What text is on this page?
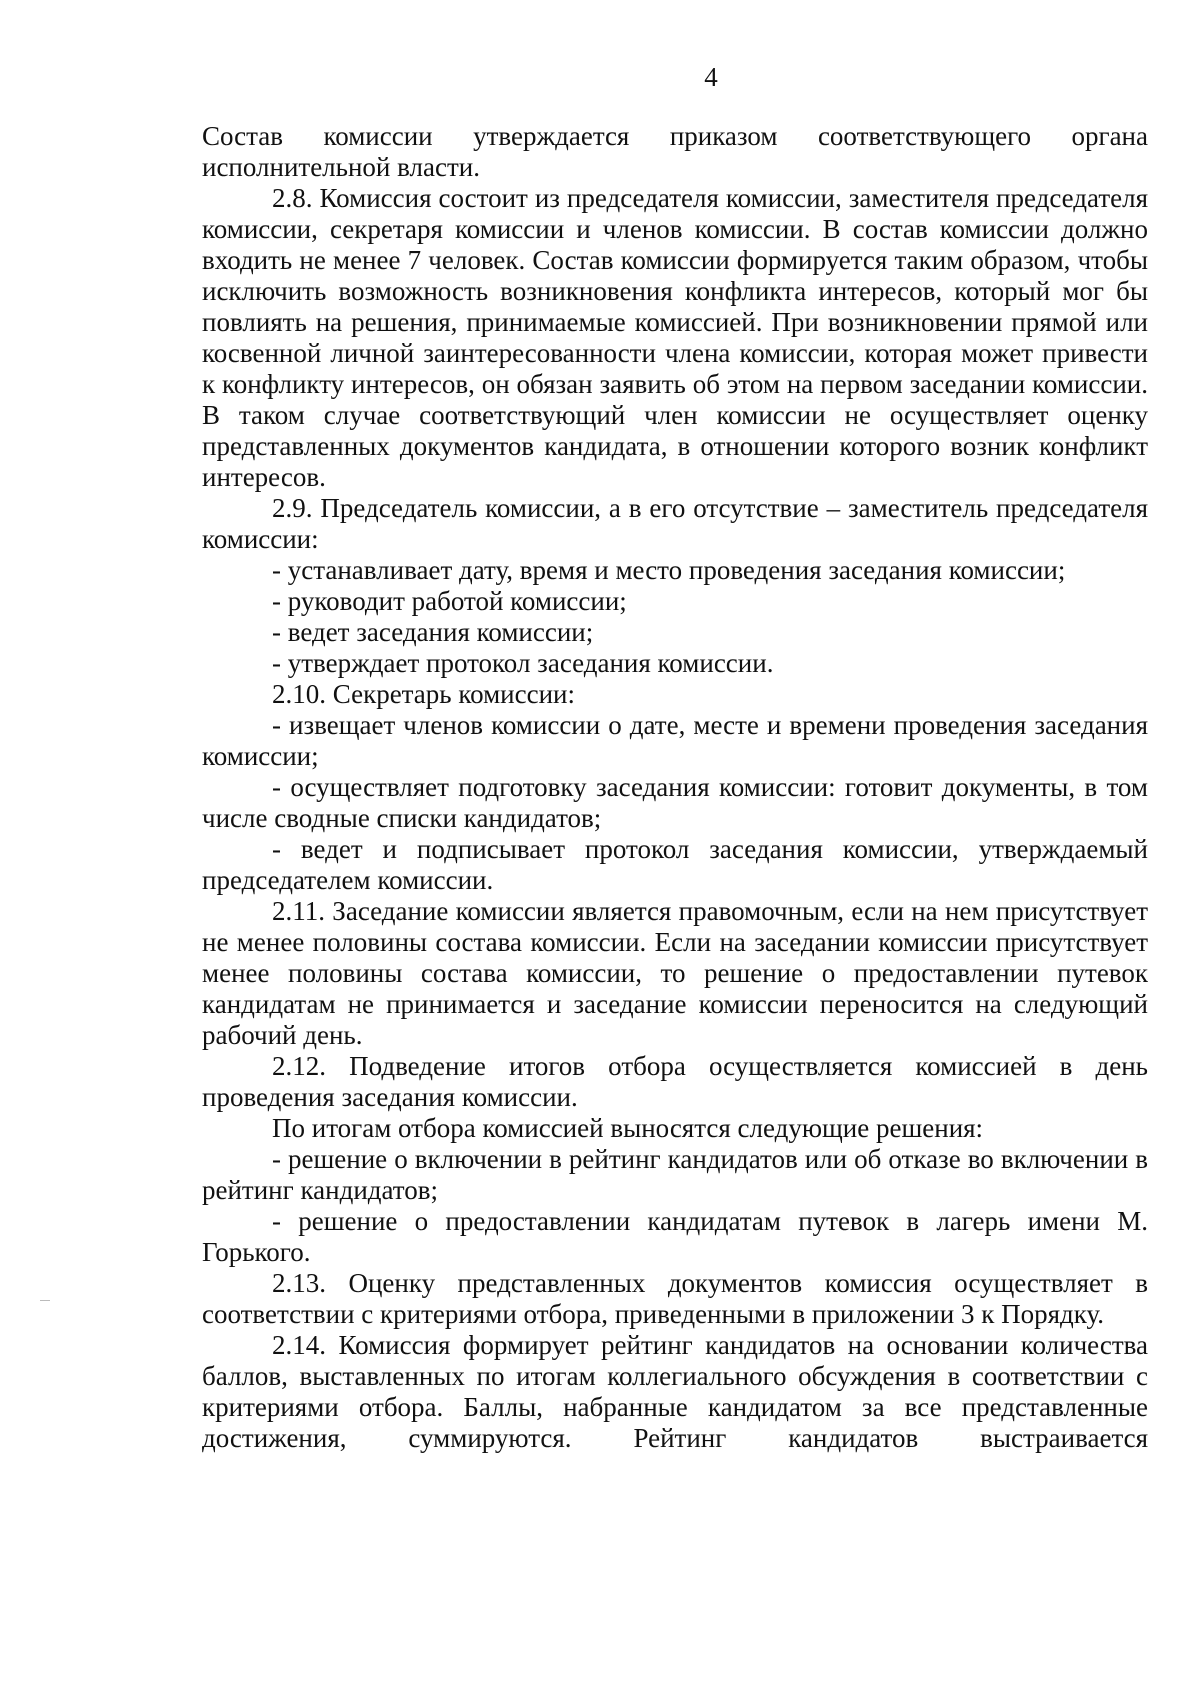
4

Состав комиссии утверждается приказом соответствующего органа исполнительной власти.

2.8. Комиссия состоит из председателя комиссии, заместителя председателя комиссии, секретаря комиссии и членов комиссии. В состав комиссии должно входить не менее 7 человек. Состав комиссии формируется таким образом, чтобы исключить возможность возникновения конфликта интересов, который мог бы повлиять на решения, принимаемые комиссией. При возникновении прямой или косвенной личной заинтересованности члена комиссии, которая может привести к конфликту интересов, он обязан заявить об этом на первом заседании комиссии. В таком случае соответствующий член комиссии не осуществляет оценку представленных документов кандидата, в отношении которого возник конфликт интересов.

2.9. Председатель комиссии, а в его отсутствие – заместитель председателя комиссии:

- устанавливает дату, время и место проведения заседания комиссии;

- руководит работой комиссии;

- ведет заседания комиссии;

- утверждает протокол заседания комиссии.

2.10. Секретарь комиссии:

- извещает членов комиссии о дате, месте и времени проведения заседания комиссии;

- осуществляет подготовку заседания комиссии: готовит документы, в том числе сводные списки кандидатов;

- ведет и подписывает протокол заседания комиссии, утверждаемый председателем комиссии.

2.11. Заседание комиссии является правомочным, если на нем присутствует не менее половины состава комиссии. Если на заседании комиссии присутствует менее половины состава комиссии, то решение о предоставлении путевок кандидатам не принимается и заседание комиссии переносится на следующий рабочий день.

2.12. Подведение итогов отбора осуществляется комиссией в день проведения заседания комиссии.

По итогам отбора комиссией выносятся следующие решения:

- решение о включении в рейтинг кандидатов или об отказе во включении в рейтинг кандидатов;

- решение о предоставлении кандидатам путевок в лагерь имени М. Горького.

2.13. Оценку представленных документов комиссия осуществляет в соответствии с критериями отбора, приведенными в приложении 3 к Порядку.

2.14. Комиссия формирует рейтинг кандидатов на основании количества баллов, выставленных по итогам коллегиального обсуждения в соответствии с критериями отбора. Баллы, набранные кандидатом за все представленные достижения, суммируются. Рейтинг кандидатов выстраивается
